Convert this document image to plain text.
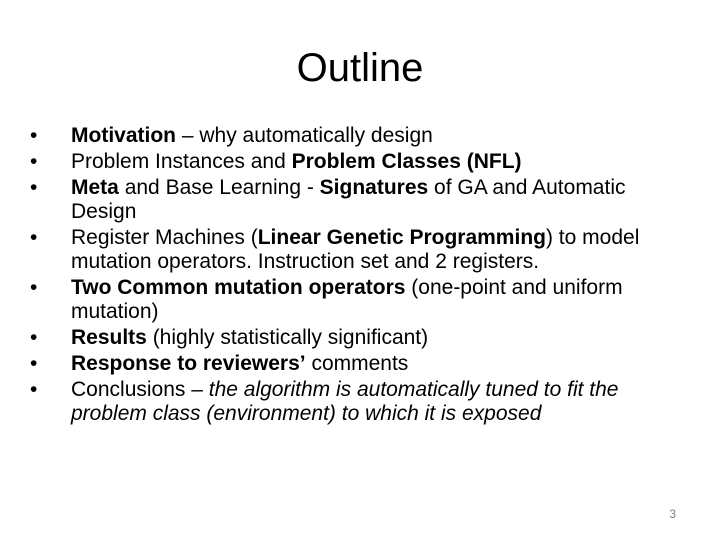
Outline
•	Motivation – why automatically design
•	Problem Instances and Problem Classes (NFL)
•	Meta and Base Learning - Signatures of GA and Automatic Design
•	Register Machines (Linear Genetic Programming) to model mutation operators. Instruction set and 2 registers.
•	Two Common mutation operators (one-point and uniform mutation)
•	Results (highly statistically significant)
•	Response to reviewers’ comments
•	Conclusions – the algorithm is automatically tuned to fit the problem class (environment) to which it is exposed
3
